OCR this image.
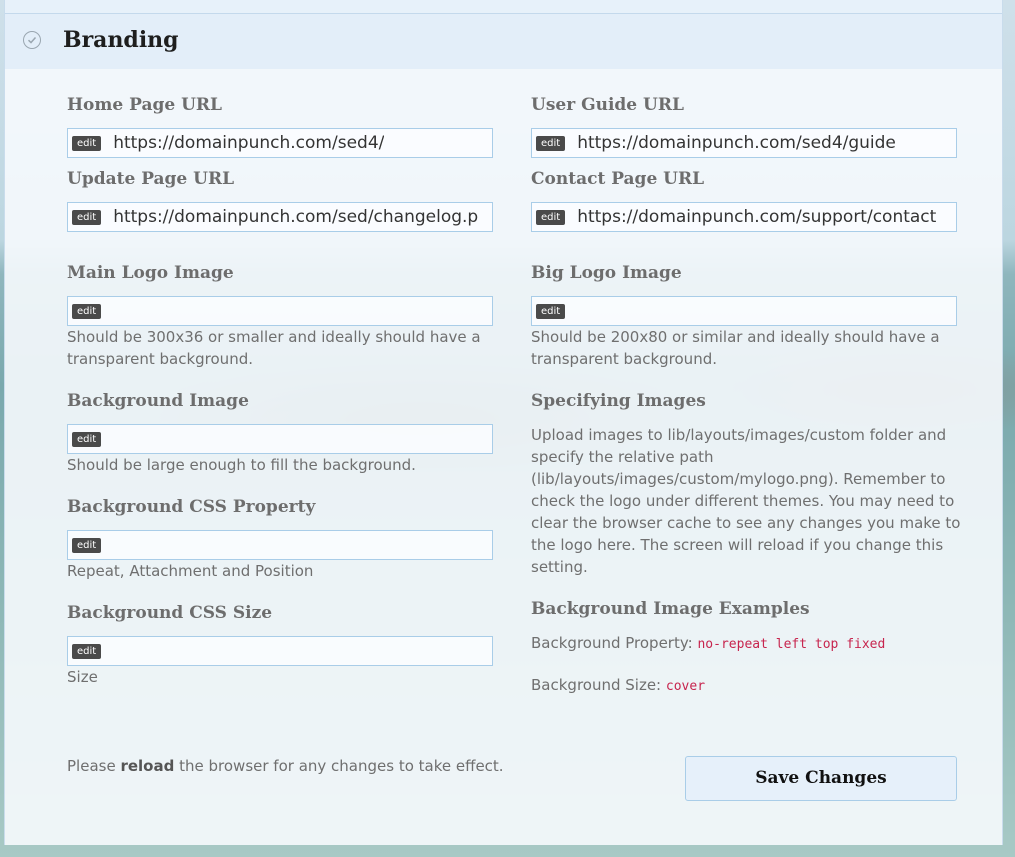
Branding
Home Page URL
edit https://domainpunch.com/sed4/
User Guide URL
edit https://domainpunch.com/sed4/guide
Update Page URL
edit https://domainpunch.com/sed/changelog.p
Contact Page URL
edit https://domainpunch.com/support/contact
Main Logo Image
edit
Should be 300x36 or smaller and ideally should have a transparent background.
Big Logo Image
edit
Should be 200x80 or similar and ideally should have a transparent background.
Background Image
edit
Should be large enough to fill the background.
Specifying Images
Upload images to lib/layouts/images/custom folder and specify the relative path (lib/layouts/images/custom/mylogo.png). Remember to check the logo under different themes. You may need to clear the browser cache to see any changes you make to the logo here. The screen will reload if you change this setting.
Background CSS Property
edit
Repeat, Attachment and Position
Background CSS Size
edit
Size
Background Image Examples
Background Property: no-repeat left top fixed
Background Size: cover
Please reload the browser for any changes to take effect.
Save Changes
